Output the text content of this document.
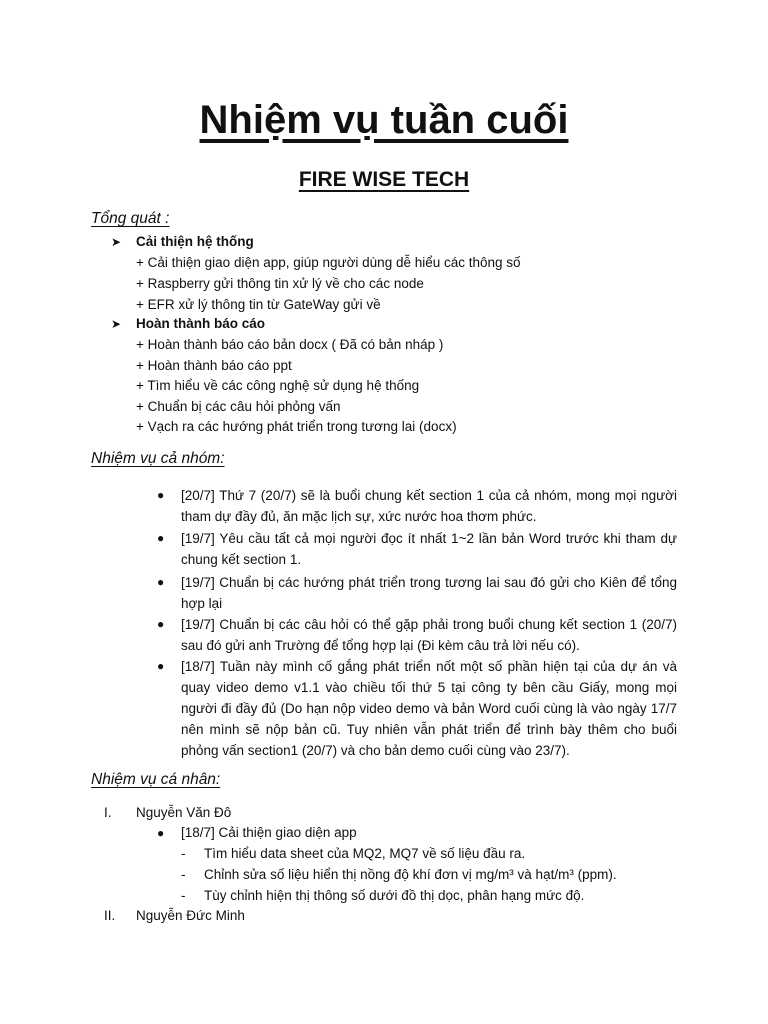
Nhiệm vụ tuần cuối
FIRE WISE TECH
Tổng quát :
➤ Cải thiện hệ thống
+ Cải thiện giao diện app, giúp người dùng dễ hiểu các thông số
+ Raspberry gửi thông tin xử lý về cho các node
+ EFR xử lý thông tin từ GateWay gửi về
➤ Hoàn thành báo cáo
+ Hoàn thành báo cáo bản docx ( Đã có bản nháp )
+ Hoàn thành báo cáo ppt
+ Tìm hiểu về các công nghệ sử dụng hệ thống
+ Chuẩn bị các câu hỏi phỏng vấn
+ Vạch ra các hướng phát triển trong tương lai (docx)
Nhiệm vụ cả nhóm:
● [20/7] Thứ 7 (20/7) sẽ là buổi chung kết section 1 của cả nhóm, mong mọi người tham dự đầy đủ, ăn mặc lịch sự, xức nước hoa thơm phức.
● [19/7] Yêu cầu tất cả mọi người đọc ít nhất 1~2 lần bản Word trước khi tham dự chung kết section 1.
● [19/7] Chuẩn bị các hướng phát triển trong tương lai sau đó gửi cho Kiên để tổng hợp lại
● [19/7] Chuẩn bị các câu hỏi có thể gặp phải trong buổi chung kết section 1 (20/7) sau đó gửi anh Trường để tổng hợp lại (Đi kèm câu trả lời nếu có).
● [18/7] Tuần này mình cố gắng phát triển nốt một số phần hiện tại của dự án và quay video demo v1.1 vào chiều tối thứ 5 tại công ty bên cầu Giấy, mong mọi người đi đầy đủ (Do hạn nộp video demo và bản Word cuối cùng là vào ngày 17/7 nên mình sẽ nộp bản cũ. Tuy nhiên vẫn phát triển để trình bày thêm cho buổi phỏng vấn section1 (20/7) và cho bản demo cuối cùng vào 23/7).
Nhiệm vụ cá nhân:
I. Nguyễn Văn Đô
● [18/7] Cải thiện giao diện app
- Tìm hiểu data sheet của MQ2, MQ7 về số liệu đầu ra.
- Chỉnh sửa số liệu hiển thị nồng độ khí đơn vị mg/m³ và hạt/m³ (ppm).
- Tùy chỉnh hiện thị thông số dưới đồ thị dọc, phân hạng mức độ.
II. Nguyễn Đức Minh
